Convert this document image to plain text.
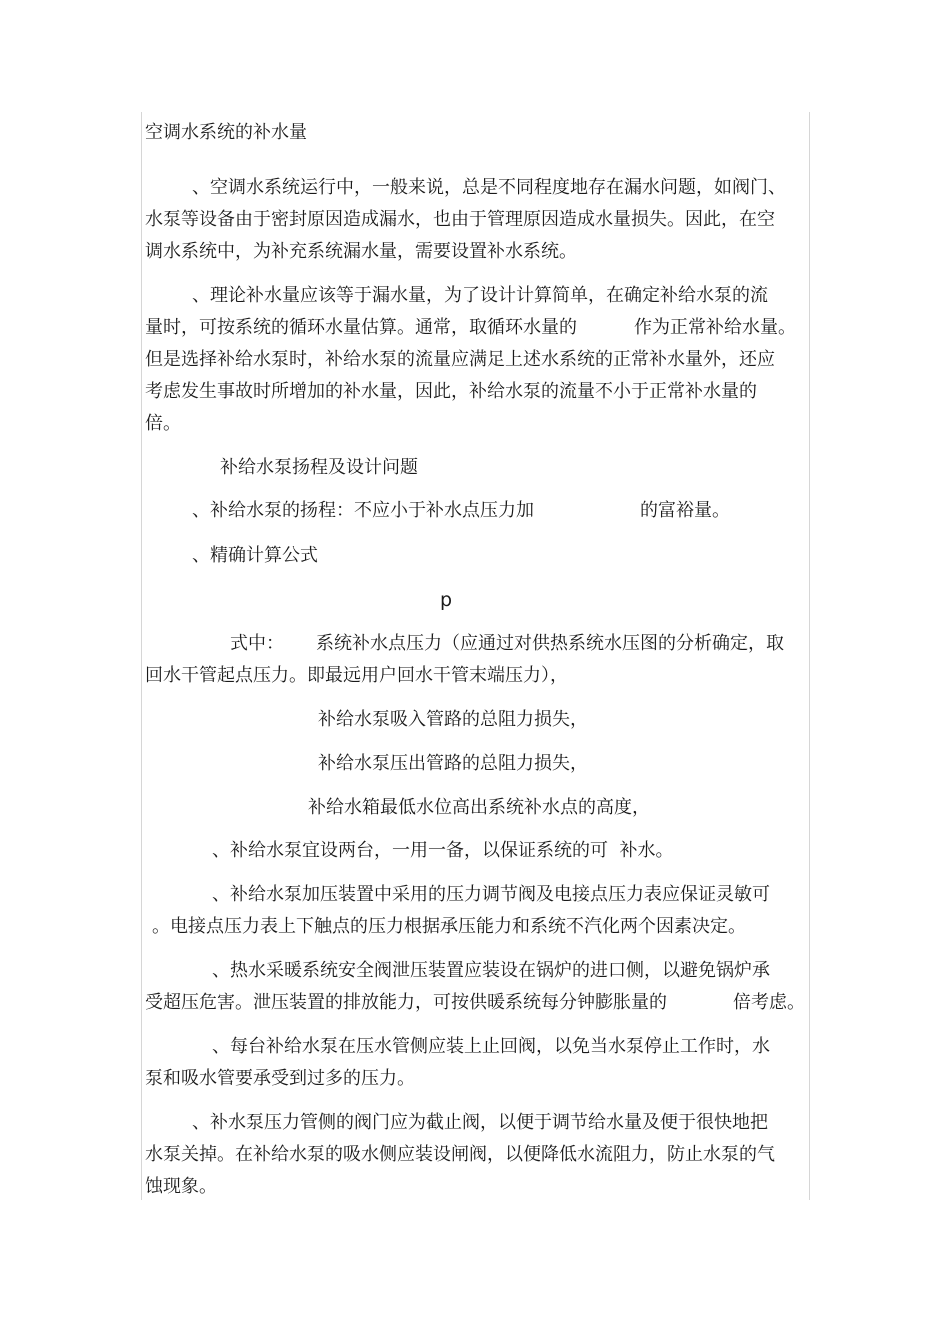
空调水系统的补水量
、空调水系统运行中，一般来说，总是不同程度地存在漏水问题，如阀门、
水泵等设备由于密封原因造成漏水，也由于管理原因造成水量损失。因此，在空
调水系统中，为补充系统漏水量，需要设置补水系统。
、理论补水量应该等于漏水量，为了设计计算简单，在确定补给水泵的流
量时，可按系统的循环水量估算。通常，取循环水量的	作为正常补给水量。
但是选择补给水泵时，补给水泵的流量应满足上述水系统的正常补水量外，还应
考虑发生事故时所增加的补水量，因此，补给水泵的流量不小于正常补水量的
倍。
补给水泵扬程及设计问题
、补给水泵的扬程：不应小于补水点压力加	的富裕量。
、精确计算公式
p
式中： 系统补水点压力（应通过对供热系统水压图的分析确定，取
回水干管起点压力。即最远用户回水干管末端压力），
补给水泵吸入管路的总阻力损失，
补给水泵压出管路的总阻力损失，
补给水箱最低水位高出系统补水点的高度，
、补给水泵宜设两台，一用一备，以保证系统的可  补水。
、补给水泵加压装置中采用的压力调节阀及电接点压力表应保证灵敏可
。电接点压力表上下触点的压力根据承压能力和系统不汽化两个因素决定。
、热水采暖系统安全阀泄压装置应装设在锅炉的进口侧，以避免锅炉承
受超压危害。泄压装置的排放能力，可按供暖系统每分钟膨胀量的	倍考虑。
、每台补给水泵在压水管侧应装上止回阀，以免当水泵停止工作时，水
泵和吸水管要承受到过多的压力。
、补水泵压力管侧的阀门应为截止阀，以便于调节给水量及便于很快地把
水泵关掉。在补给水泵的吸水侧应装设闸阀，以便降低水流阻力，防止水泵的气
蚀现象。
